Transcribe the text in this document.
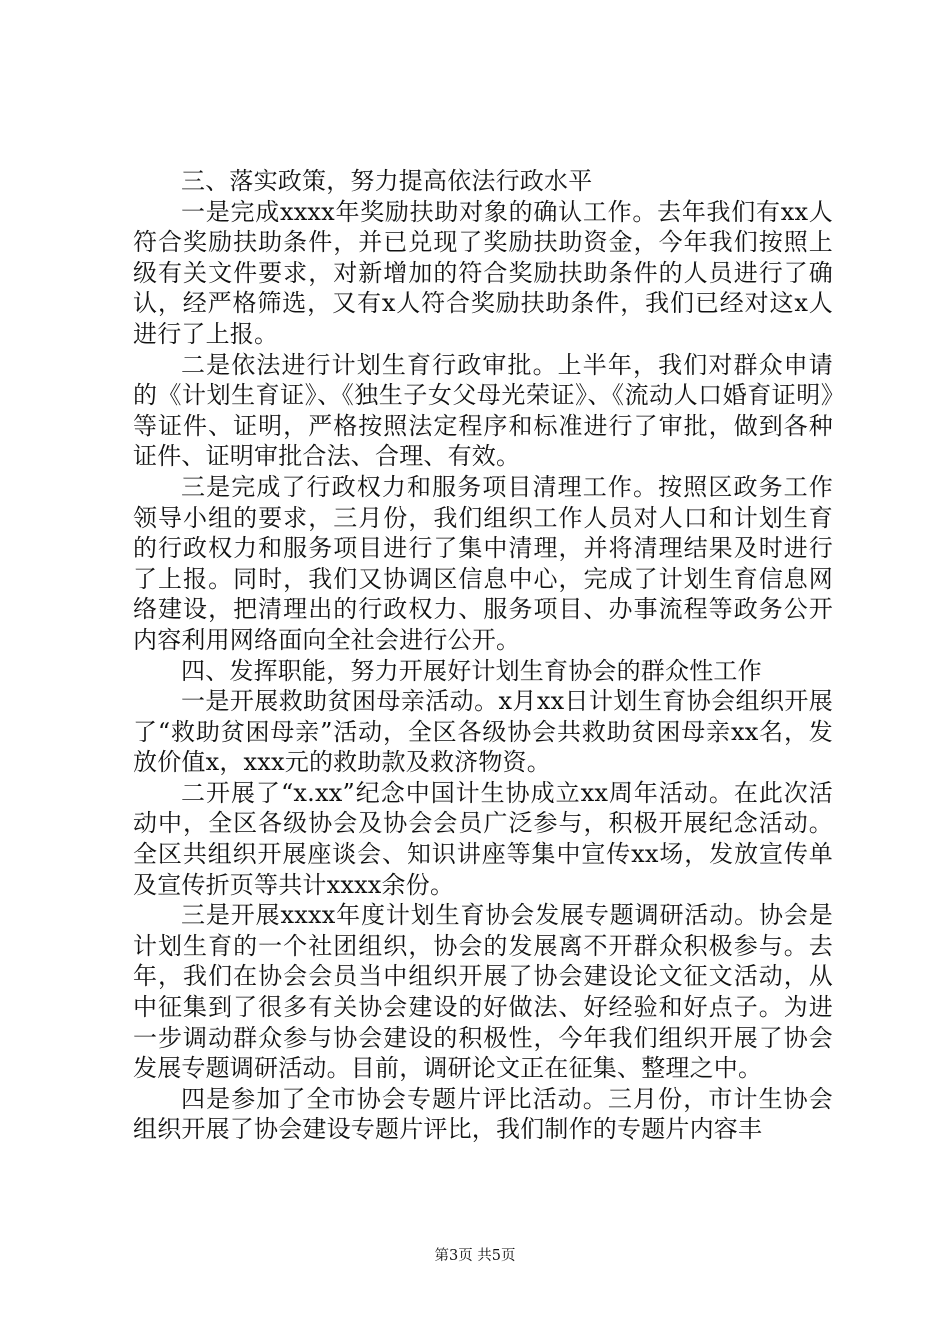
三、落实政策，努力提高依法行政水平

一是完成xxxx年奖励扶助对象的确认工作。去年我们有xx人符合奖励扶助条件，并已兑现了奖励扶助资金，今年我们按照上级有关文件要求，对新增加的符合奖励扶助条件的人员进行了确认，经严格筛选，又有x人符合奖励扶助条件，我们已经对这x人进行了上报。

二是依法进行计划生育行政审批。上半年，我们对群众申请的《计划生育证》、《独生子女父母光荣证》、《流动人口婚育证明》等证件、证明，严格按照法定程序和标准进行了审批，做到各种证件、证明审批合法、合理、有效。

三是完成了行政权力和服务项目清理工作。按照区政务工作领导小组的要求，三月份，我们组织工作人员对人口和计划生育的行政权力和服务项目进行了集中清理，并将清理结果及时进行了上报。同时，我们又协调区信息中心，完成了计划生育信息网络建设，把清理出的行政权力、服务项目、办事流程等政务公开内容利用网络面向全社会进行公开。

四、发挥职能，努力开展好计划生育协会的群众性工作

一是开展救助贫困母亲活动。x月xx日计划生育协会组织开展了“救助贫困母亲”活动，全区各级协会共救助贫困母亲xx名，发放价值x，xxx元的救助款及救济物资。

二开展了“x.xx”纪念中国计生协成立xx周年活动。在此次活动中，全区各级协会及协会会员广泛参与，积极开展纪念活动。全区共组织开展座谈会、知识讲座等集中宣传xx场，发放宣传单及宣传折页等共计xxxx余份。

三是开展xxxx年度计划生育协会发展专题调研活动。协会是计划生育的一个社团组织，协会的发展离不开群众积极参与。去年，我们在协会会员当中组织开展了协会建设论文征文活动，从中征集到了很多有关协会建设的好做法、好经验和好点子。为进一步调动群众参与协会建设的积极性，今年我们组织开展了协会发展专题调研活动。目前，调研论文正在征集、整理之中。

四是参加了全市协会专题片评比活动。三月份，市计生协会组织开展了协会建设专题片评比，我们制作的专题片内容丰

第3页 共5页
